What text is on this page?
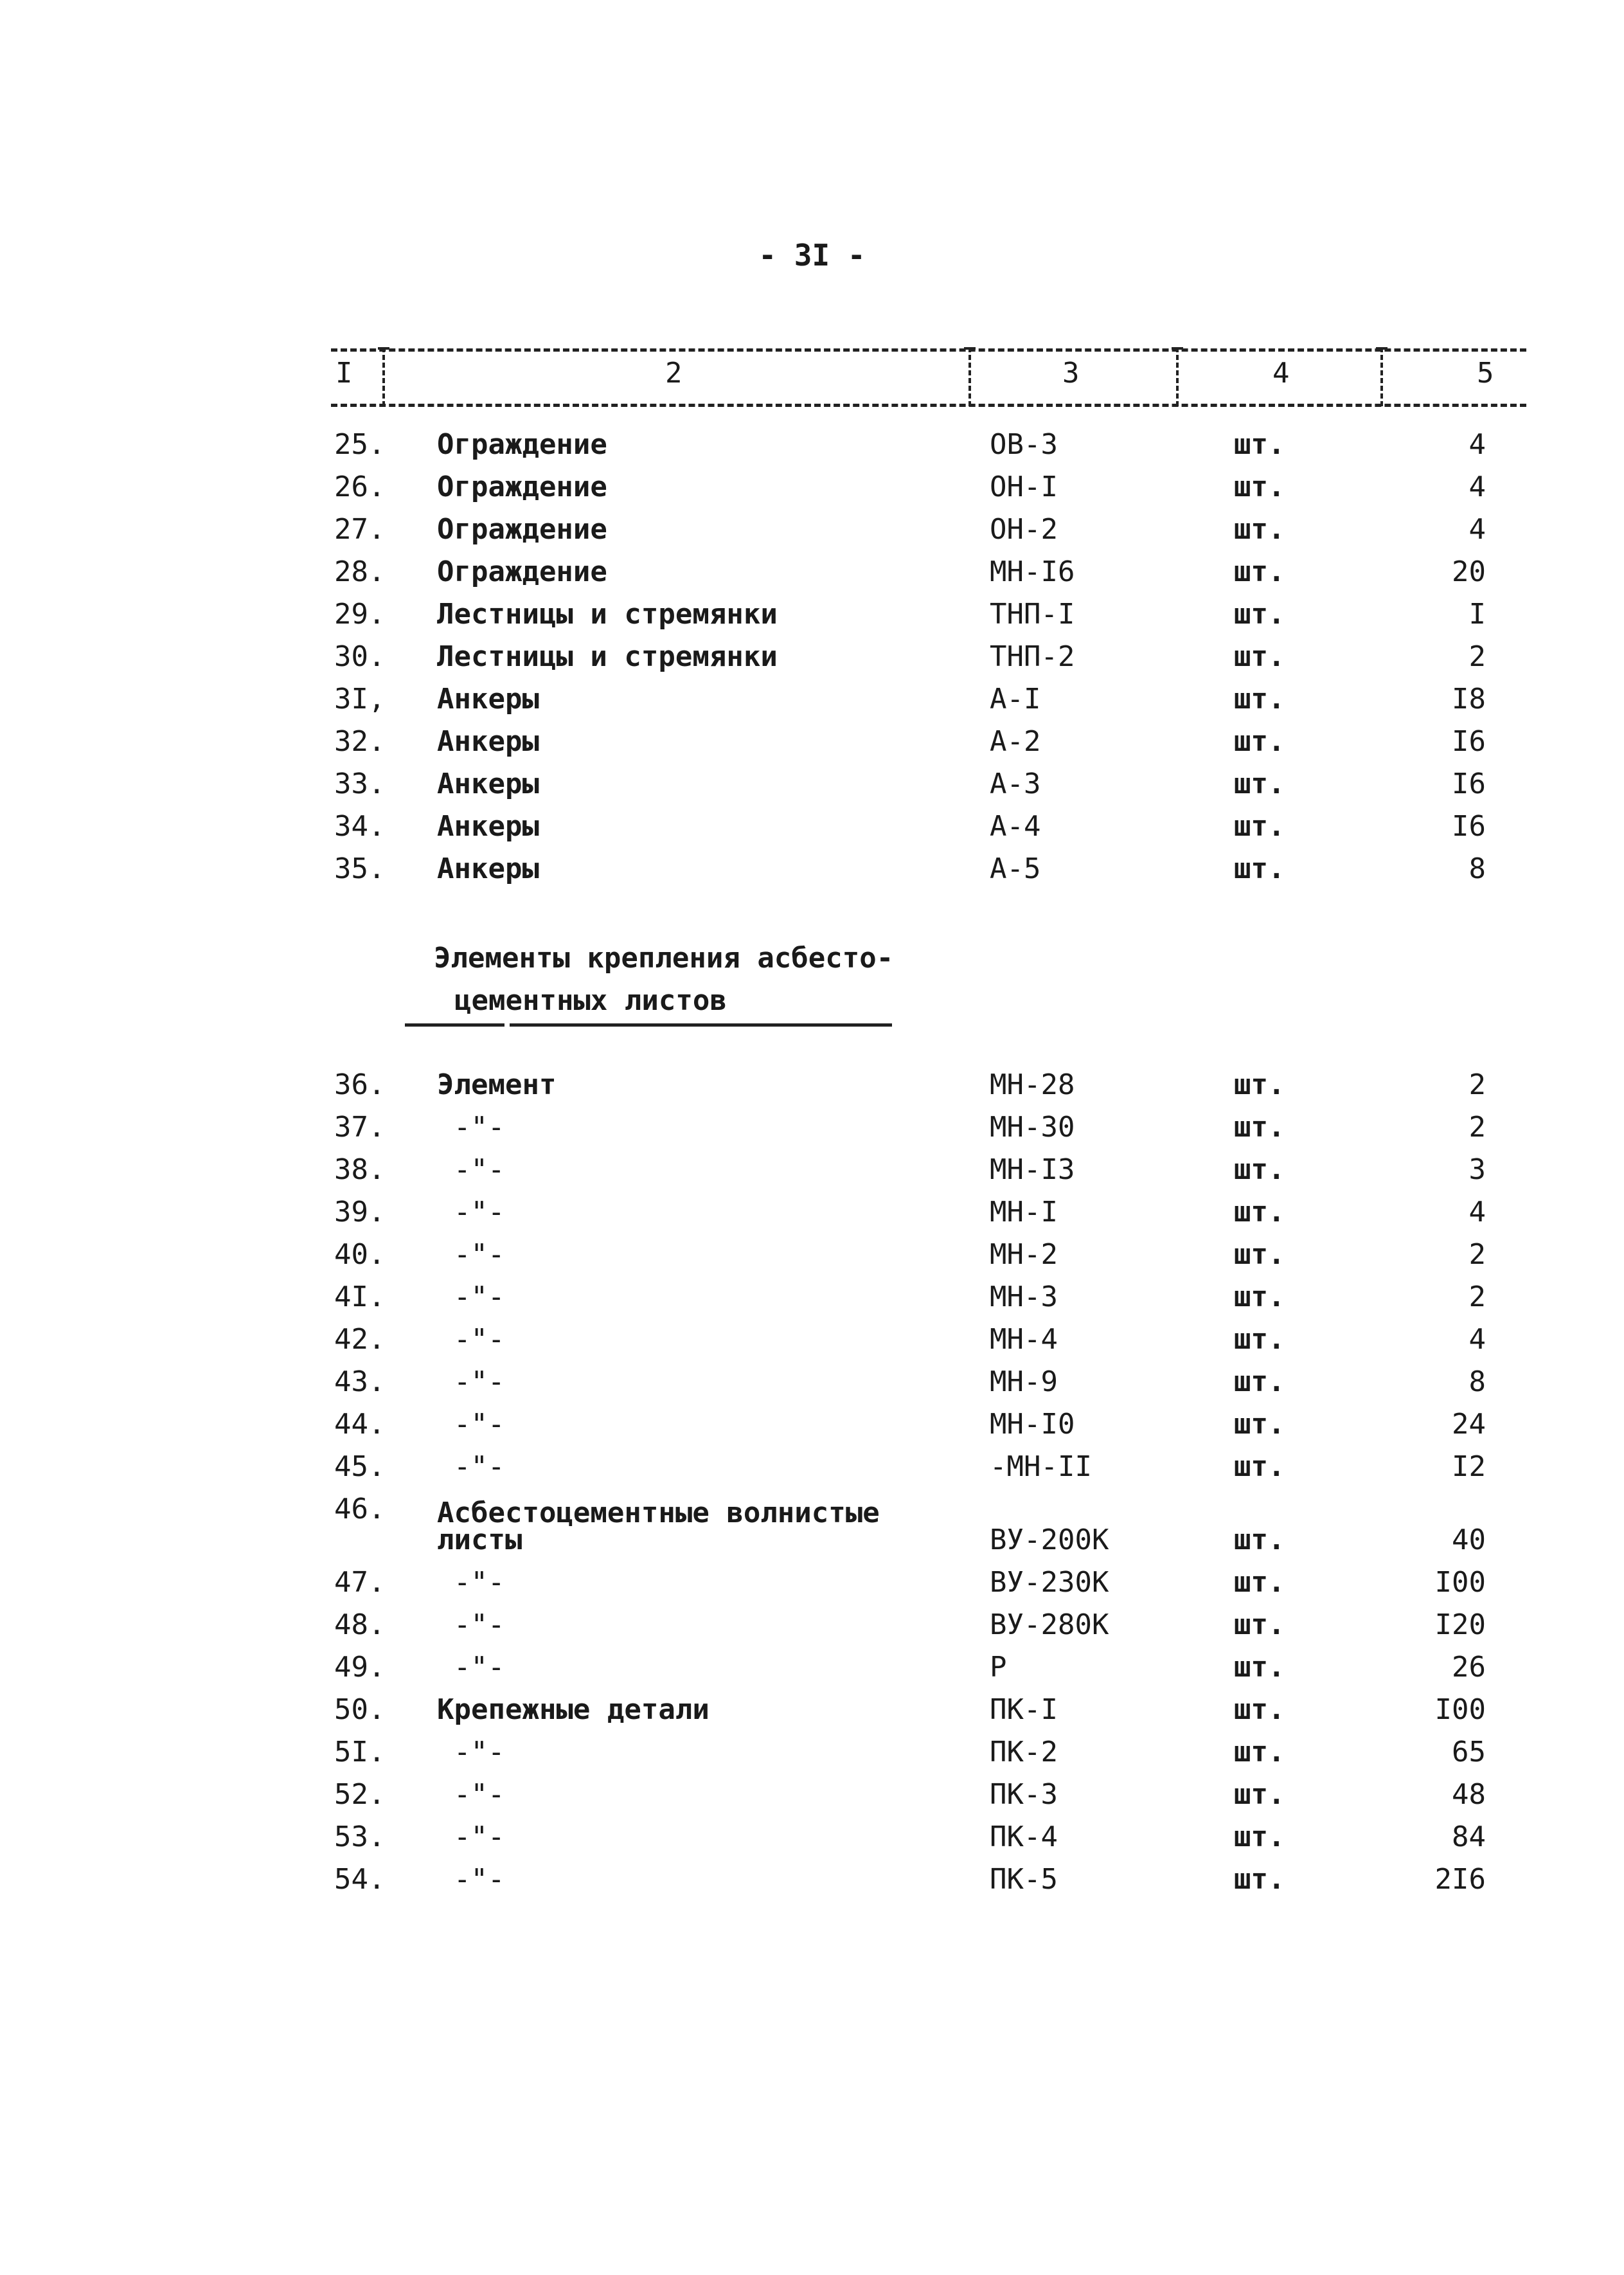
- 3I -
I	2	3	4	5
25. Ограждение	ОВ-3	шт.	4
26. Ограждение	ОН-I	шт.	4
27. Ограждение	ОН-2	шт.	4
28. Ограждение	МН-I6	шт.	20
29. Лестницы и стремянки	ТНП-I	шт.	I
30. Лестницы и стремянки	ТНП-2	шт.	2
3I, Анкеры	А-I	шт.	I8
32. Анкеры	А-2	шт.	I6
33. Анкеры	А-3	шт.	I6
34. Анкеры	А-4	шт.	I6
35. Анкеры	А-5	шт.	8
Элементы крепления асбесто-
цементных листов
36. Элемент	МН-28	шт.	2
37. -"-	МН-30	шт.	2
38. -"-	МН-I3	шт.	3
39. -"-	МН-I	шт.	4
40. -"-	МН-2	шт.	2
4I. -"-	МН-3	шт.	2
42. -"-	МН-4	шт.	4
43. -"-	МН-9	шт.	8
44. -"-	МН-I0	шт.	24
45. -"-	-МН-II	шт.	I2
46. Асбестоцементные волнистые
листы	ВУ-200К	шт.	40
47. -"-	ВУ-230К	шт.	I00
48. -"-	ВУ-280К	шт.	I20
49. -"-	Р	шт.	26
50. Крепежные детали	ПК-I	шт.	I00
5I. -"-	ПК-2	шт.	65
52. -"-	ПК-3	шт.	48
53. -"-	ПК-4	шт.	84
54. -"-	ПК-5	шт.	2I6
